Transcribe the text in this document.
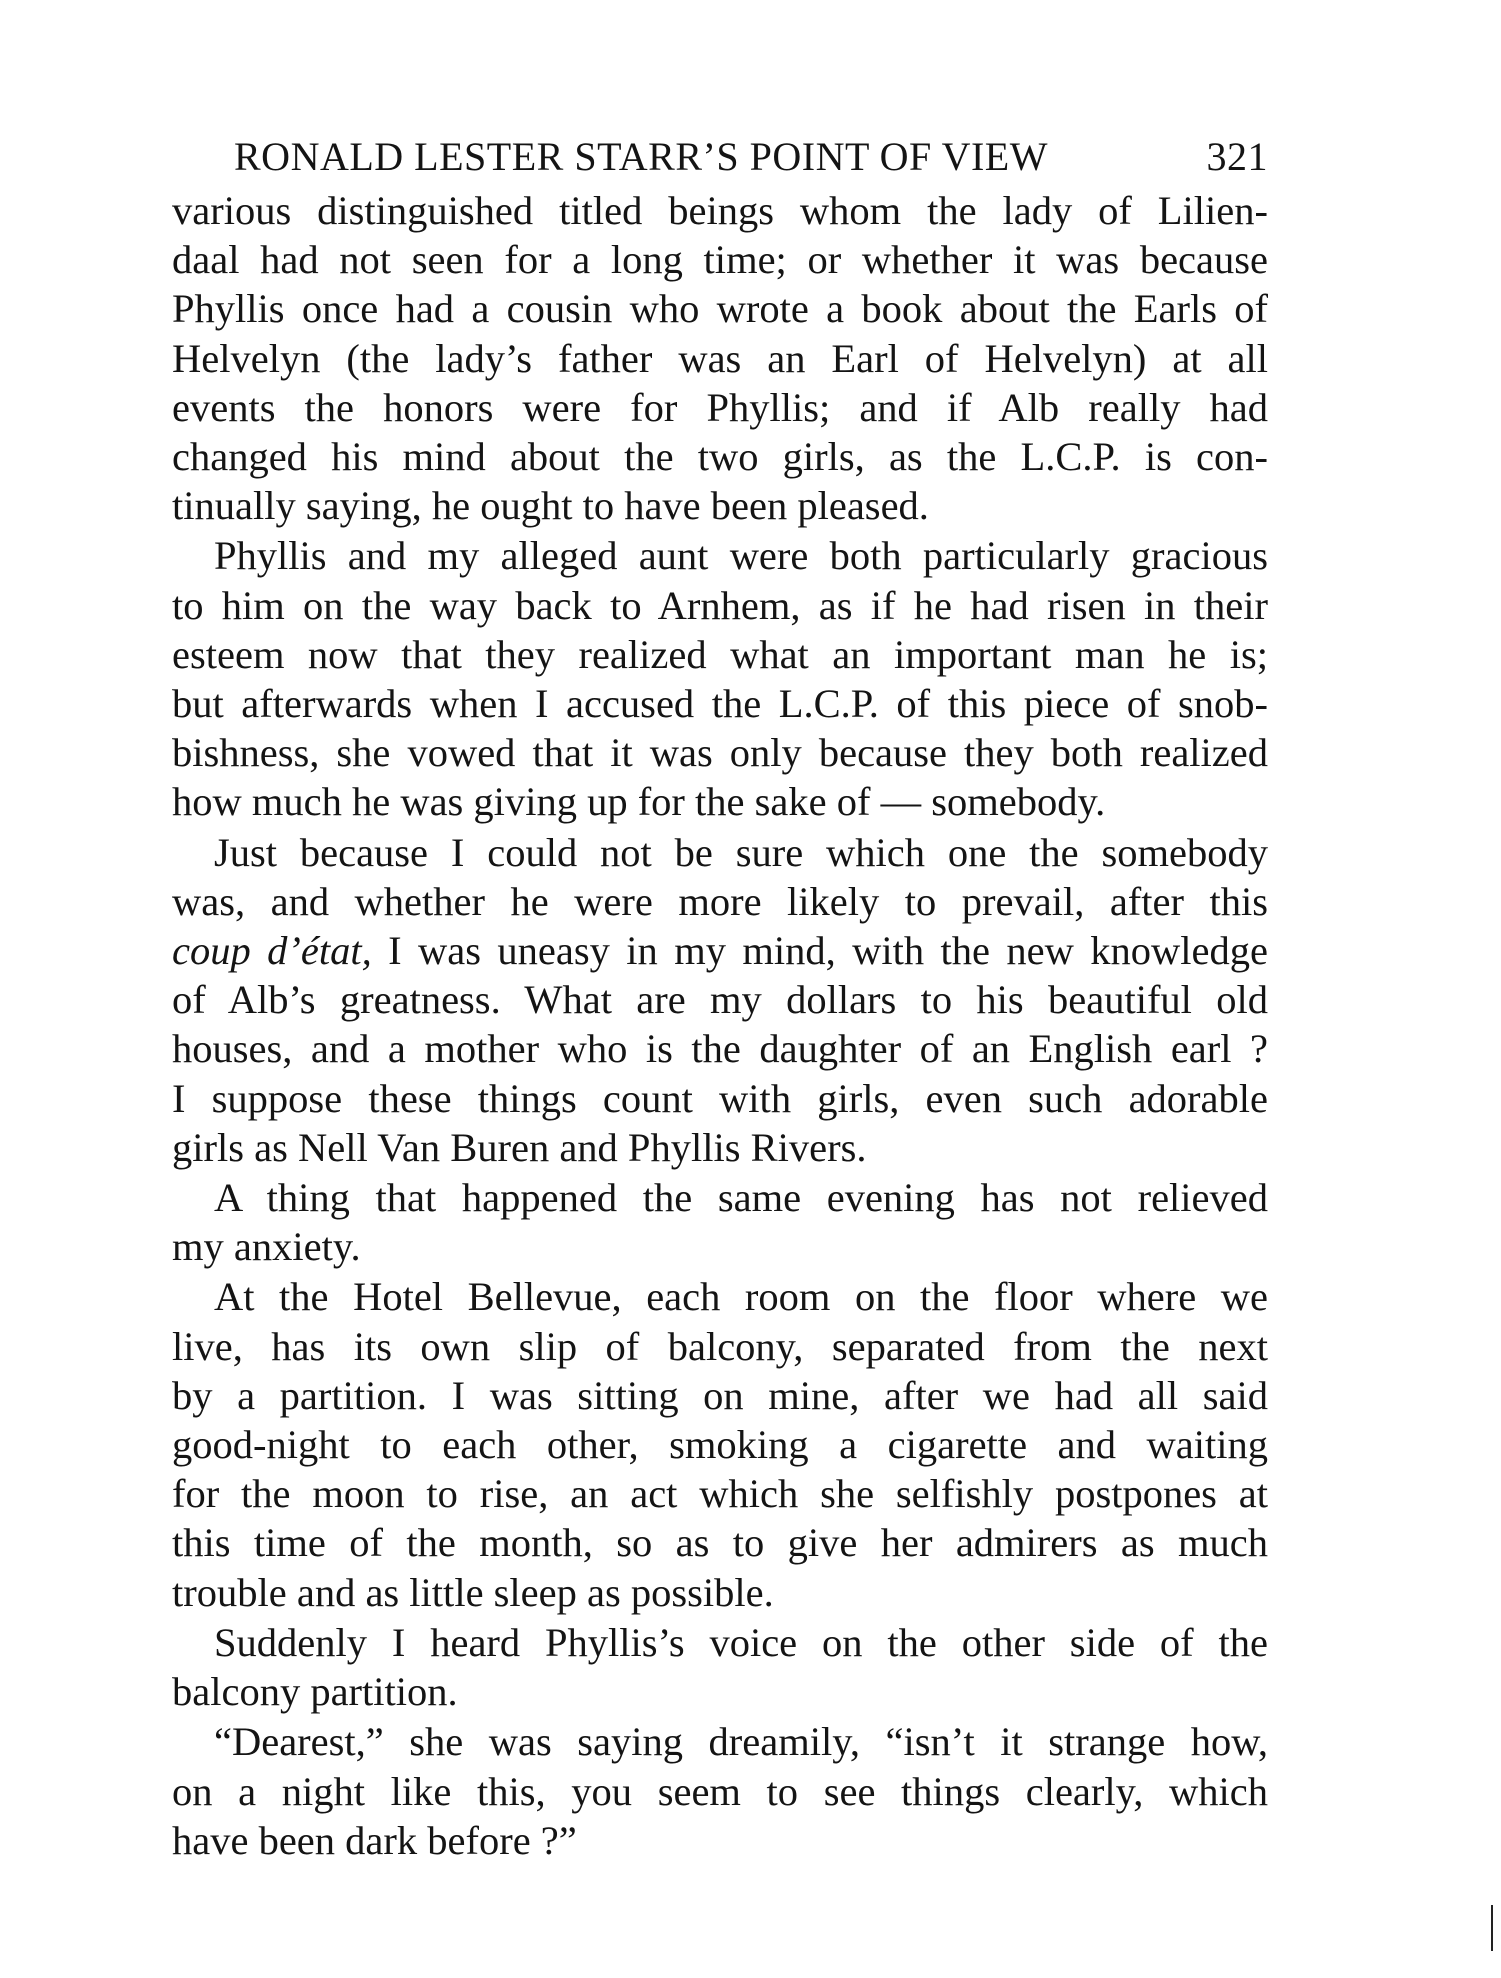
RONALD LESTER STARR’S POINT OF VIEW	321
various distinguished titled beings whom the lady of Lilien-
daal had not seen for a long time; or whether it was because
Phyllis once had a cousin who wrote a book about the Earls of
Helvelyn (the lady’s father was an Earl of Helvelyn) at all
events the honors were for Phyllis; and if Alb really had
changed his mind about the two girls, as the L.C.P. is con-
tinually saying, he ought to have been pleased.
Phyllis and my alleged aunt were both particularly gracious
to him on the way back to Arnhem, as if he had risen in their
esteem now that they realized what an important man he is;
but afterwards when I accused the L.C.P. of this piece of snob-
bishness, she vowed that it was only because they both realized
how much he was giving up for the sake of — somebody.
Just because I could not be sure which one the somebody
was, and whether he were more likely to prevail, after this
coup d’état, I was uneasy in my mind, with the new knowledge
of Alb’s greatness. What are my dollars to his beautiful old
houses, and a mother who is the daughter of an English earl ?
I suppose these things count with girls, even such adorable
girls as Nell Van Buren and Phyllis Rivers.
A thing that happened the same evening has not relieved
my anxiety.
At the Hotel Bellevue, each room on the floor where we
live, has its own slip of balcony, separated from the next
by a partition. I was sitting on mine, after we had all said
good-night to each other, smoking a cigarette and waiting
for the moon to rise, an act which she selfishly postpones at
this time of the month, so as to give her admirers as much
trouble and as little sleep as possible.
Suddenly I heard Phyllis’s voice on the other side of the
balcony partition.
“Dearest,” she was saying dreamily, “isn’t it strange how,
on a night like this, you seem to see things clearly, which
have been dark before ?”
